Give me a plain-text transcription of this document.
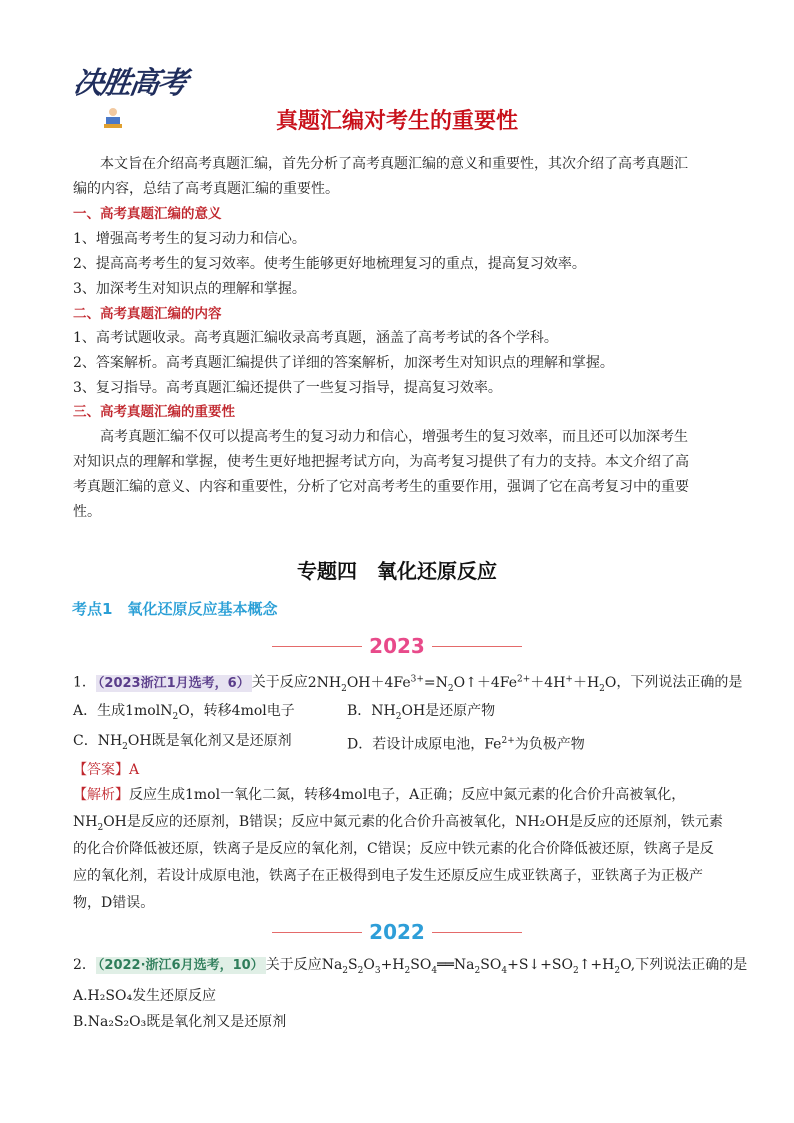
决胜高考
真题汇编对考生的重要性
本文旨在介绍高考真题汇编，首先分析了高考真题汇编的意义和重要性，其次介绍了高考真题汇
编的内容，总结了高考真题汇编的重要性。
一、高考真题汇编的意义
1、增强高考考生的复习动力和信心。
2、提高高考考生的复习效率。使考生能够更好地梳理复习的重点，提高复习效率。
3、加深考生对知识点的理解和掌握。
二、高考真题汇编的内容
1、高考试题收录。高考真题汇编收录高考真题，涵盖了高考考试的各个学科。
2、答案解析。高考真题汇编提供了详细的答案解析，加深考生对知识点的理解和掌握。
3、复习指导。高考真题汇编还提供了一些复习指导，提高复习效率。
三、高考真题汇编的重要性
高考真题汇编不仅可以提高考生的复习动力和信心，增强考生的复习效率，而且还可以加深考生
对知识点的理解和掌握，使考生更好地把握考试方向，为高考复习提供了有力的支持。本文介绍了高
考真题汇编的意义、内容和重要性，分析了它对高考考生的重要作用，强调了它在高考复习中的重要
性。
专题四　氧化还原反应
考点1　氧化还原反应基本概念
2023
1． （2023浙江1月选考，6） 关于反应$2NH_2OH+4Fe^{3+}=N_2O↑+4Fe^{2+}+4H^++H_2O$，下列说法正确的是
A．生成1molN$_2$O，转移4mol电子	B．$NH_2OH$是还原产物
C．$NH_2OH$既是氧化剂又是还原剂	D．若设计成原电池，$Fe^{2+}$为负极产物
【答案】A
【解析】反应生成1mol一氧化二氮，转移4mol电子，A正确；反应中氮元素的化合价升高被氧化，
$NH_2OH$是反应的还原剂，B错误；反应中氮元素的化合价升高被氧化，NH₂OH是反应的还原剂，铁元素
的化合价降低被还原，铁离子是反应的氧化剂，C错误；反应中铁元素的化合价降低被还原，铁离子是反
应的氧化剂，若设计成原电池，铁离子在正极得到电子发生还原反应生成亚铁离子，亚铁离子为正极产
物，D错误。
2022
2． （2022·浙江6月选考，10） 关于反应$Na_2S_2O_3+H_2SO_4══Na_2SO_4+S↓+SO_2↑+H_2O$,下列说法正确的是
A.H₂SO₄发生还原反应
B.Na₂S₂O₃既是氧化剂又是还原剂
